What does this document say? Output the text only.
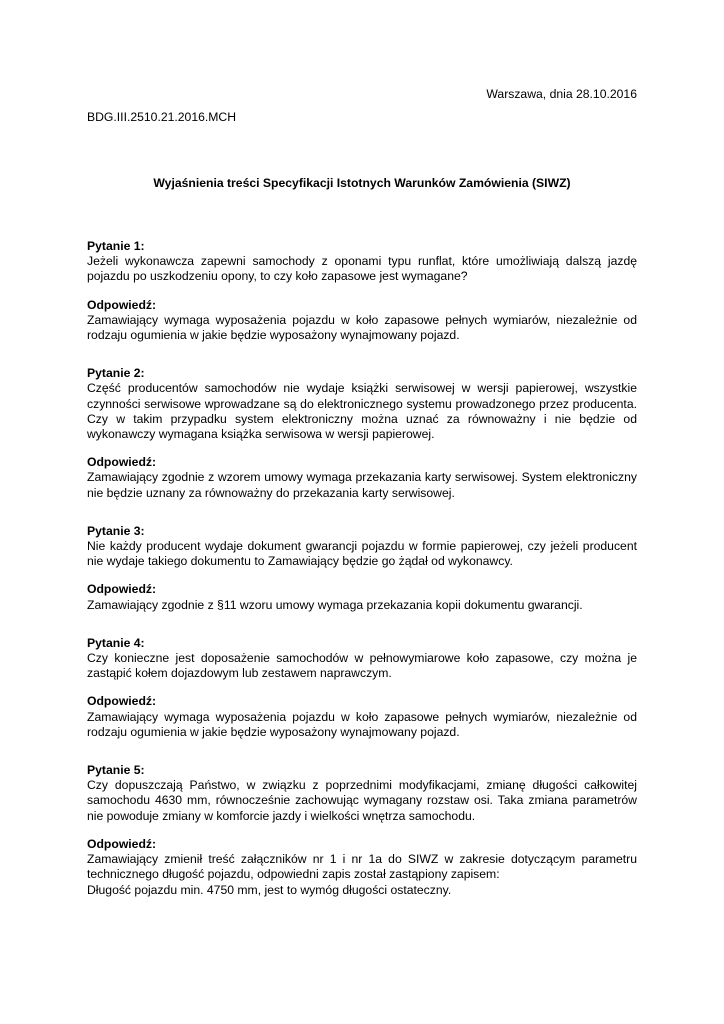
Warszawa, dnia 28.10.2016
BDG.III.2510.21.2016.MCH
Wyjaśnienia treści Specyfikacji Istotnych Warunków Zamówienia (SIWZ)
Pytanie 1:
Jeżeli wykonawcza zapewni samochody z oponami typu runflat, które umożliwiają dalszą jazdę pojazdu po uszkodzeniu opony, to czy koło zapasowe jest wymagane?
Odpowiedź:
Zamawiający wymaga wyposażenia pojazdu w koło zapasowe pełnych wymiarów, niezależnie od rodzaju ogumienia w jakie będzie wyposażony wynajmowany pojazd.
Pytanie 2:
Część producentów samochodów nie wydaje książki serwisowej w wersji papierowej, wszystkie czynności serwisowe wprowadzane są do elektronicznego systemu prowadzonego przez producenta. Czy w takim przypadku system elektroniczny można uznać za równoważny i nie będzie od wykonawczy wymagana książka serwisowa w wersji papierowej.
Odpowiedź:
Zamawiający zgodnie z wzorem umowy wymaga przekazania karty serwisowej. System elektroniczny nie będzie uznany za równoważny do przekazania karty serwisowej.
Pytanie 3:
Nie każdy producent wydaje dokument gwarancji pojazdu w formie papierowej, czy jeżeli producent nie wydaje takiego dokumentu to Zamawiający będzie go żądał od wykonawcy.
Odpowiedź:
Zamawiający zgodnie z §11 wzoru umowy wymaga przekazania kopii dokumentu gwarancji.
Pytanie 4:
Czy konieczne jest doposażenie samochodów w pełnowymiarowe koło zapasowe, czy można je zastąpić kołem dojazdowym lub zestawem naprawczym.
Odpowiedź:
Zamawiający wymaga wyposażenia pojazdu w koło zapasowe pełnych wymiarów, niezależnie od rodzaju ogumienia w jakie będzie wyposażony wynajmowany pojazd.
Pytanie 5:
Czy dopuszczają Państwo, w związku z poprzednimi modyfikacjami, zmianę długości całkowitej samochodu 4630 mm, równocześnie zachowując wymagany rozstaw osi. Taka zmiana parametrów nie powoduje zmiany w komforcie jazdy i wielkości wnętrza samochodu.
Odpowiedź:
Zamawiający zmienił treść załączników nr 1 i nr 1a do SIWZ w zakresie dotyczącym parametru technicznego długość pojazdu, odpowiedni zapis został zastąpiony zapisem:
Długość pojazdu min. 4750 mm, jest to wymóg długości ostateczny.
